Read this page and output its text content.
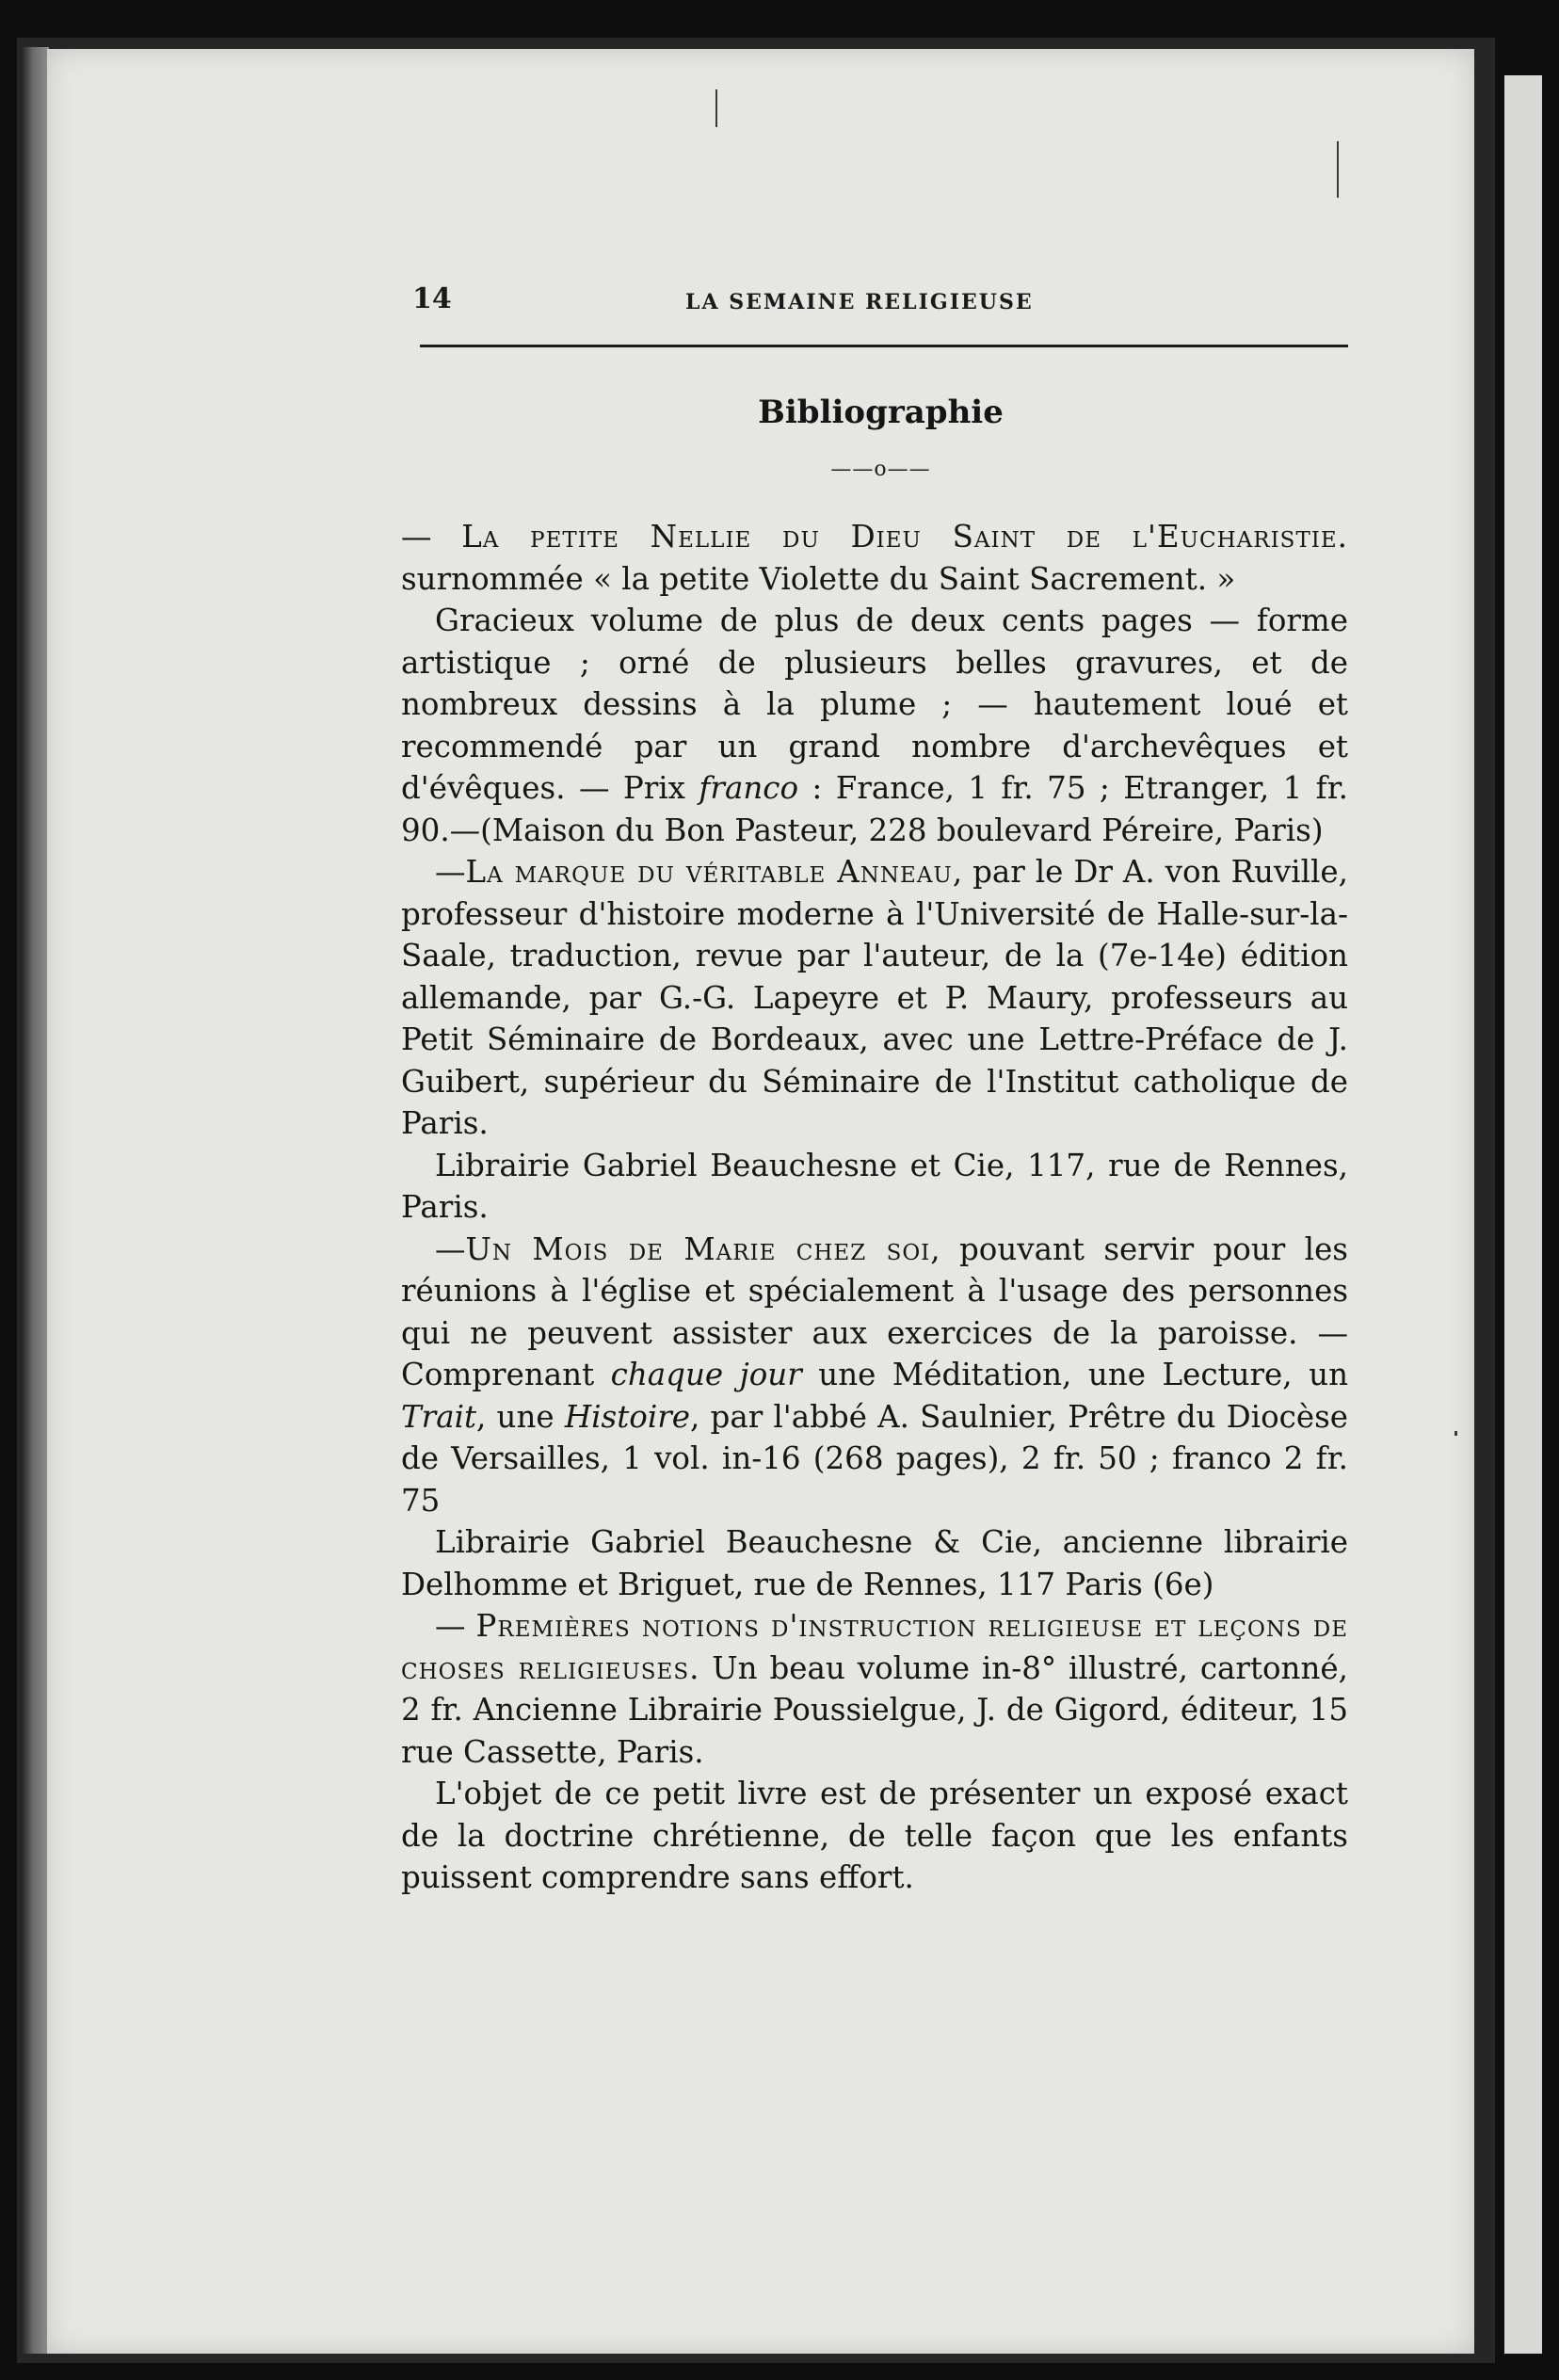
14	LA SEMAINE RELIGIEUSE
Bibliographie
——o——

— La petite Nellie du Dieu Saint de l'Eucharistie. surnommée « la petite Violette du Saint Sacrement. »

Gracieux volume de plus de deux cents pages — forme artistique ; orné de plusieurs belles gravures, et de nombreux dessins à la plume ; — hautement loué et recommendé par un grand nombre d'archevêques et d'évêques. — Prix franco : France, 1 fr. 75 ; Etranger, 1 fr. 90.—(Maison du Bon Pasteur, 228 boulevard Péreire, Paris)

—La marque du véritable Anneau, par le Dr A. von Ruville, professeur d'histoire moderne à l'Université de Halle-sur-la-Saale, traduction, revue par l'auteur, de la (7e-14e) édition allemande, par G.-G. Lapeyre et P. Maury, professeurs au Petit Séminaire de Bordeaux, avec une Lettre-Préface de J. Guibert, supérieur du Séminaire de l'Institut catholique de Paris.

Librairie Gabriel Beauchesne et Cie, 117, rue de Rennes, Paris.

—Un Mois de Marie chez soi, pouvant servir pour les réunions à l'église et spécialement à l'usage des personnes qui ne peuvent assister aux exercices de la paroisse. — Comprenant chaque jour une Méditation, une Lecture, un Trait, une Histoire, par l'abbé A. Saulnier, Prêtre du Diocèse de Versailles, 1 vol. in-16 (268 pages), 2 fr. 50 ; franco 2 fr. 75

Librairie Gabriel Beauchesne & Cie, ancienne librairie Delhomme et Briguet, rue de Rennes, 117 Paris (6e)

— Premières notions d'instruction religieuse et leçons de choses religieuses. Un beau volume in-8° illustré, cartonné, 2 fr. Ancienne Librairie Poussielgue, J. de Gigord, éditeur, 15 rue Cassette, Paris.

L'objet de ce petit livre est de présenter un exposé exact de la doctrine chrétienne, de telle façon que les enfants puissent comprendre sans effort.
